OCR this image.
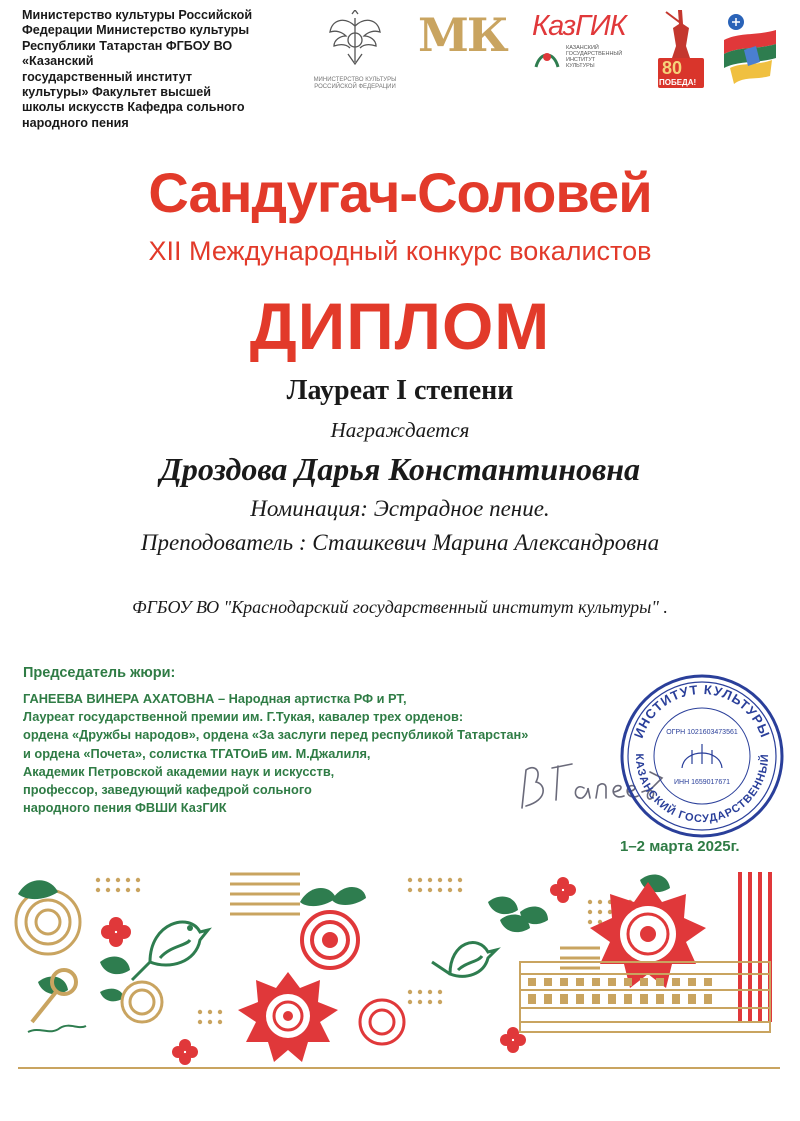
Министерство культуры Российской
Федерации Министерство культуры
Республики Татарстан ФГБОУ ВО
«Казанский
государственный институт
культуры» Факультет высшей
школы искусств Кафедра сольного
народного пения
МИНИСТЕРСТВО КУЛЬТУРЫ
РОССИЙСКОЙ ФЕДЕРАЦИИ
МК КазГИК
КАЗАНСКИЙ
ГОСУДАРСТВЕННЫЙ
ИНСТИТУТ
КУЛЬТУРЫ	80
ПОБЕДА!
Сандугач-Соловей
XII Международный конкурс вокалистов
ДИПЛОМ
Лауреат I степени
Награждается
Дроздова Дарья Константиновна
Номинация: Эстрадное пение.
Преподователь : Сташкевич Марина Александровна
ФГБОУ ВО "Краснодарский государственный институт культуры" .
Председатель жюри:
ГАНЕЕВА ВИНЕРА АХАТОВНА – Народная артистка РФ и РТ,
Лауреат государственной премии им. Г.Тукая, кавалер трех орденов:
ордена «Дружбы народов», ордена «За заслуги перед республикой Татарстан»
и ордена «Почета», солистка ТГАТОиБ им. М.Джалиля,
Академик Петровской академии наук и искусств,
профессор, заведующий кафедрой сольного
народного пения ФВШИ КазГИК
ИНСТИТУТ КУЛЬТУРЫ
КАЗАНСКИЙ ГОСУДАРСТВЕННЫЙ
ОГРН 1021603473561
ИНН 1659017671
1–2 марта 2025г.
